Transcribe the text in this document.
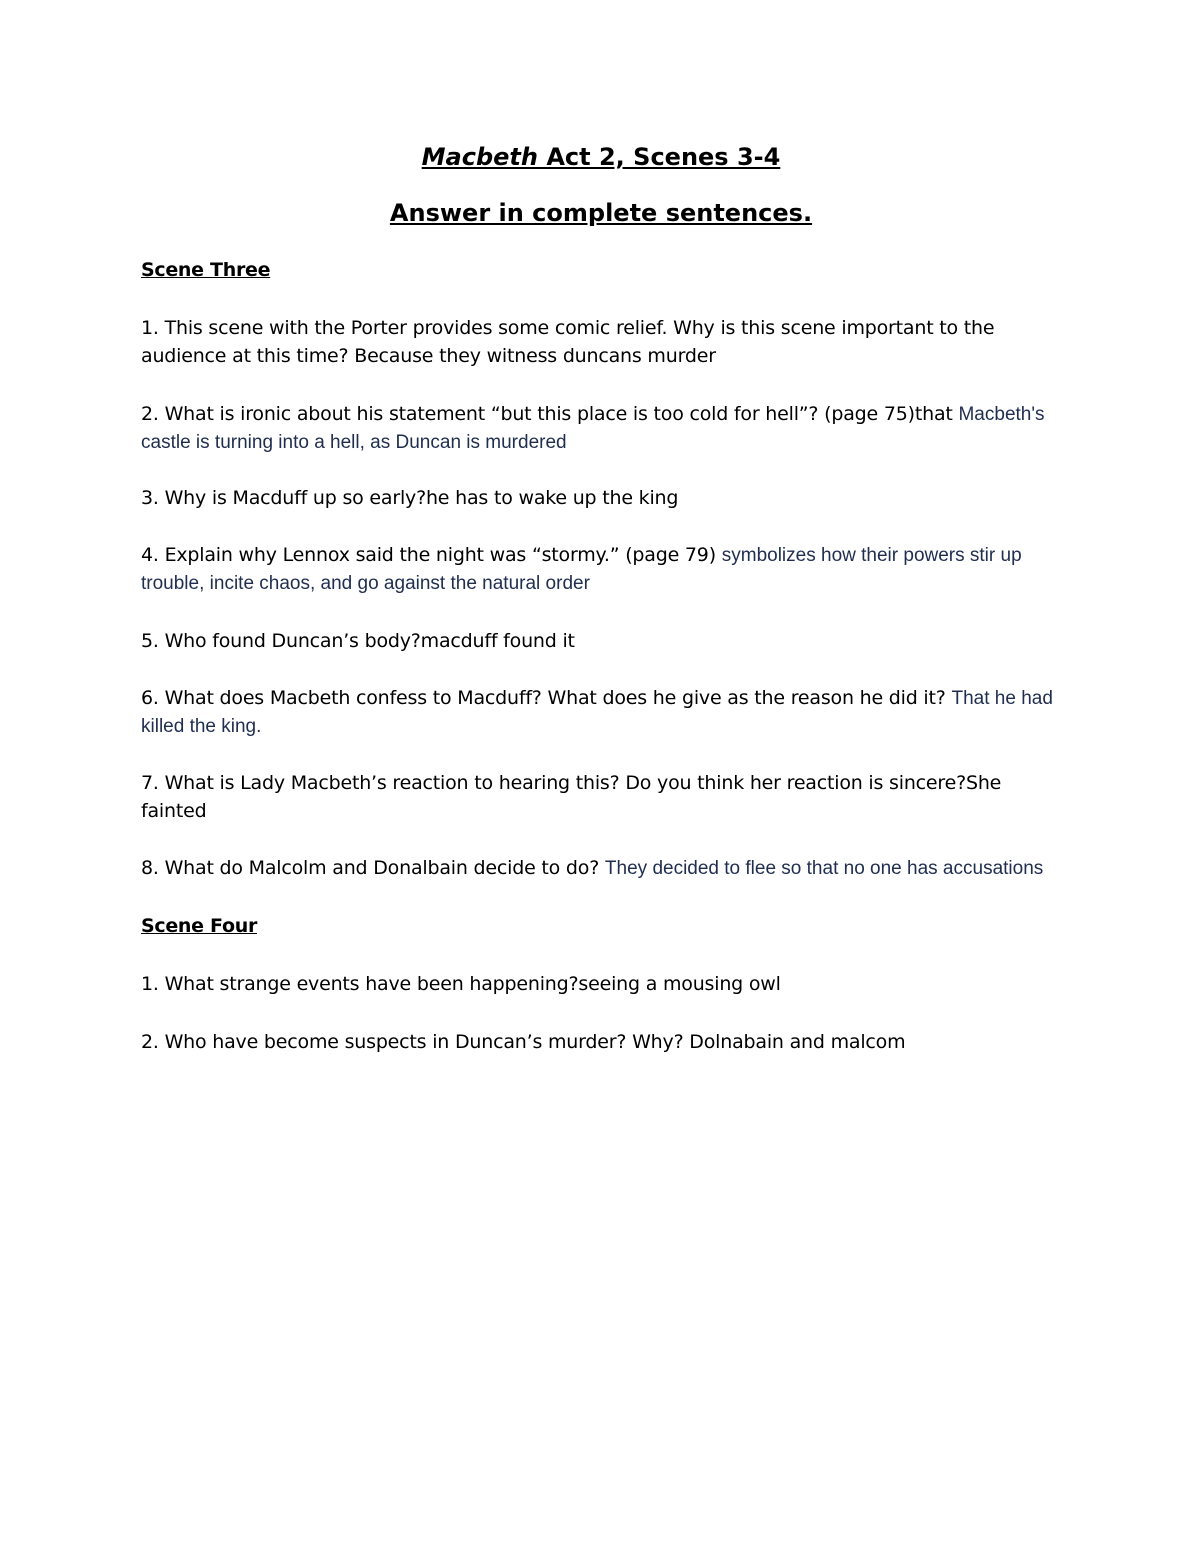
Macbeth Act 2, Scenes 3-4
Answer in complete sentences.
Scene Three

1. This scene with the Porter provides some comic relief. Why is this scene important to the audience at this time? Because they witness duncans murder

2. What is ironic about his statement “but this place is too cold for hell”? (page 75)that Macbeth's castle is turning into a hell, as Duncan is murdered

3. Why is Macduff up so early?he has to wake up the king

4. Explain why Lennox said the night was “stormy.” (page 79) symbolizes how their powers stir up trouble, incite chaos, and go against the natural order

5. Who found Duncan’s body?macduff found it

6. What does Macbeth confess to Macduff? What does he give as the reason he did it? That he had killed the king.

7. What is Lady Macbeth’s reaction to hearing this? Do you think her reaction is sincere?She fainted

8. What do Malcolm and Donalbain decide to do? They decided to flee so that no one has accusations

Scene Four

1. What strange events have been happening?seeing a mousing owl

2. Who have become suspects in Duncan’s murder? Why? Dolnabain and malcom
